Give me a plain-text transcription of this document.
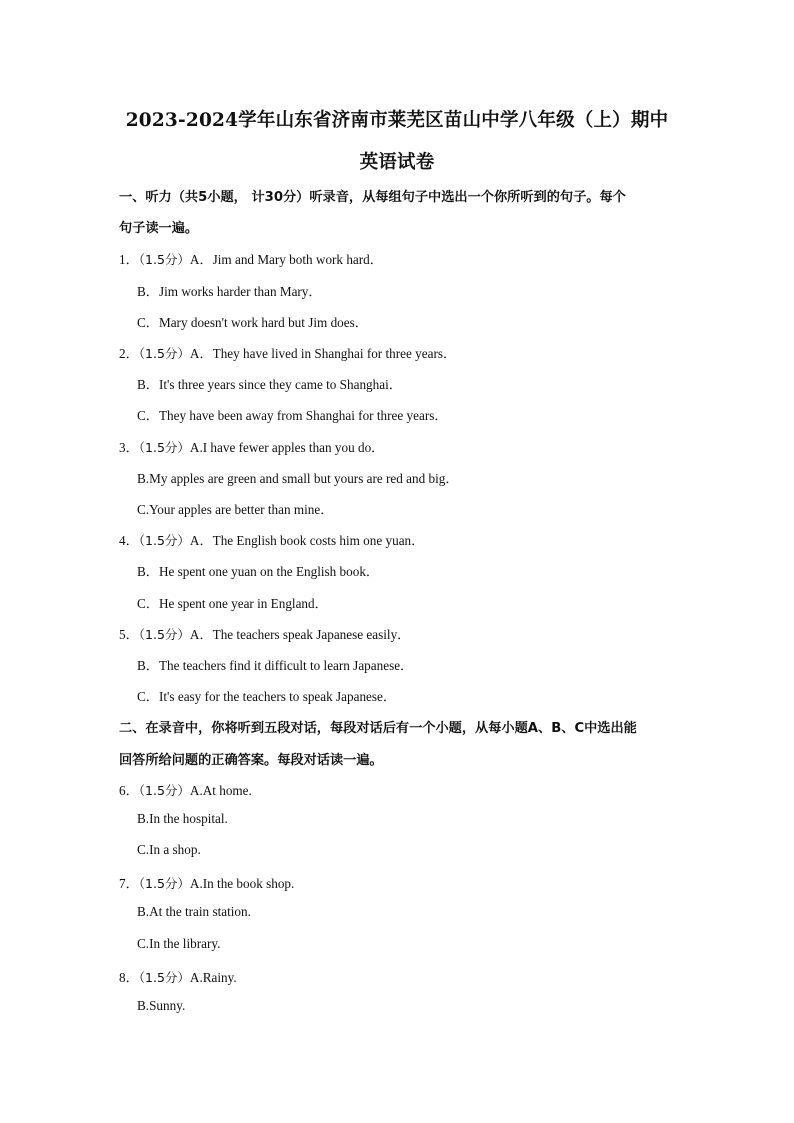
2023-2024学年山东省济南市莱芜区苗山中学八年级（上）期中
英语试卷
一、听力（共5小题， 计30分）听录音，从每组句子中选出一个你所听到的句子。每个
句子读一遍。
1．（1.5分）A．Jim and Mary both work hard．
B．Jim works harder than Mary．
C．Mary doesn't work hard but Jim does．
2．（1.5分）A．They have lived in Shanghai for three years．
B．It's three years since they came to Shanghai．
C．They have been away from Shanghai for three years．
3．（1.5分）A.I have fewer apples than you do．
B.My apples are green and small but yours are red and big．
C.Your apples are better than mine．
4．（1.5分）A．The English book costs him one yuan．
B．He spent one yuan on the English book．
C．He spent one year in England．
5．（1.5分）A．The teachers speak Japanese easily．
B．The teachers find it difficult to learn Japanese．
C．It's easy for the teachers to speak Japanese．
二、在录音中，你将听到五段对话，每段对话后有一个小题，从每小题A、B、C中选出能
回答所给问题的正确答案。每段对话读一遍。
6．（1.5分）A.At home.
B.In the hospital.
C.In a shop.
7．（1.5分）A.In the book shop.
B.At the train station.
C.In the library.
8．（1.5分）A.Rainy.
B.Sunny.
